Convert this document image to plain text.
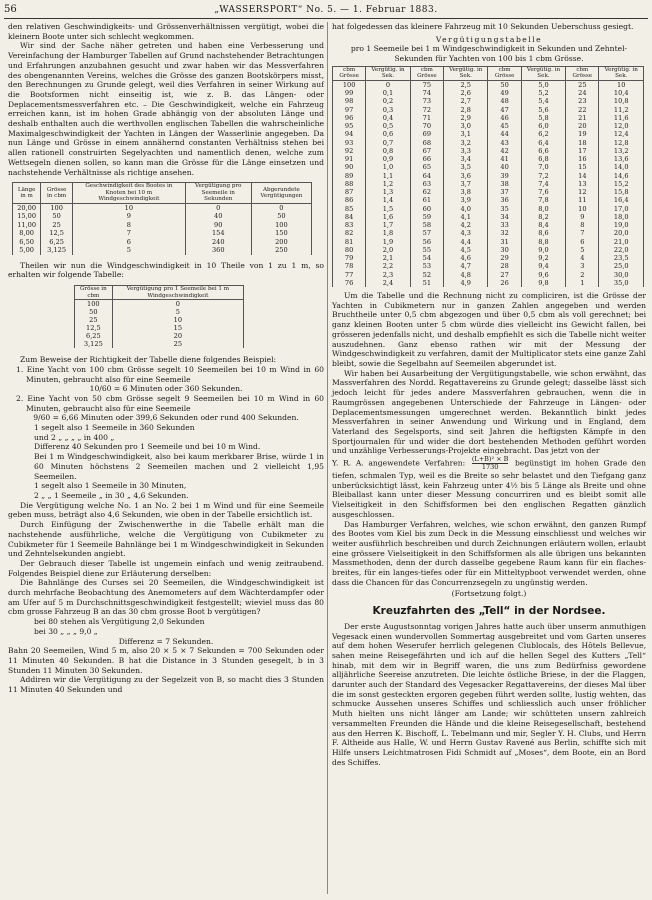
56	„WASSERSPORT“ No. 5. — 1. Februar 1883.

den relativen Geschwindigkeits- und Grössenverhältnissen vergütigt, wobei die kleinern Boote unter sich schlecht wegkommen.

Wir sind der Sache näher getreten und haben eine Verbesserung und Vereinfachung der Hamburger Tabellen auf Grund nachstehender Betrachtungen und Erfahrungen anzubahnen gesucht und zwar haben wir das Messverfahren des obengenannten Vereins, welches die Grösse des ganzen Bootskörpers misst, den Berechnungen zu Grunde gelegt, weil dies Verfahren in seiner Wirkung auf die Bootsformen nicht einseitig ist, wie z. B. das Längen- oder Deplacementsmessverfahren etc. – Die Geschwindigkeit, welche ein Fahrzeug erreichen kann, ist im hohen Grade abhängig von der absoluten Länge und deshalb enthalten auch die werthvollen englischen Tabellen die wahrscheinliche Maximalgeschwindigkeit der Yachten in Längen der Wasserlinie angegeben. Da nun Länge und Grösse in einem annähernd constanten Verhältniss stehen bei allen rationell construirten Segelyachten und namentlich denen, welche zum Wettsegeln dienen sollen, so kann man die Grösse für die Länge einsetzen und nachstehende Verhältnisse als richtige ansehen.

Länge in m	Grösse in cbm	Geschwindigkeit des Bootes in Knoten bei 10 m Windgeschwindigkeit	Vergütigung pro Seemeile in Sekunden	Abgerundete Vergütigungen
20,00	100	10	0	0
15,00	50	9	40	50
11,00	25	8	90	100
8,00	12,5	7	154	150
6,50	6,25	6	240	200
5,00	3,125	5	360	250

Theilen wir nun die Windgeschwindigkeit in 10 Theile von 1 zu 1 m, so erhalten wir folgende Tabelle:

Grösse in cbm	Vergütigung pro 1 Seemeile bei 1 m Windgeschwindigkeit
100	0
50	5
25	10
12,5	15
6,25	20
3,125	25

Zum Beweise der Richtigkeit der Tabelle diene folgendes Beispiel:

1. Eine Yacht von 100 cbm Grösse segelt 10 Seemeilen bei 10 m Wind in 60 Minuten, gebraucht also für eine Seemeile

10/60 = 6 Minuten oder 360 Sekunden.

2. Eine Yacht von 50 cbm Grösse segelt 9 Seemeilen bei 10 m Wind in 60 Minuten, gebraucht also für eine Seemeile

9/60 = 6,66 Minuten oder 399,6 Sekunden oder rund 400 Sekunden.

1 segelt also 1 Seemeile in 360 Sekunden

und 2 „ „ „ „ in 400 „

Differenz 40 Sekunden pro 1 Seemeile und bei 10 m Wind.

Bei 1 m Windgeschwindigkeit, also bei kaum merkbarer Brise, würde 1 in 60 Minuten höchstens 2 Seemeilen machen und 2 vielleicht 1,95 Seemeilen.

1 segelt also 1 Seemeile in 30 Minuten,

2 „ „ 1 Seemeile „ in 30 „ 4,6 Sekunden.

Die Vergütigung welche No. 1 an No. 2 bei 1 m Wind und für eine Seemeile geben muss, beträgt also 4,6 Sekunden, wie oben in der Tabelle ersichtlich ist.

Durch Einfügung der Zwischenwerthe in die Tabelle erhält man die nachstehende ausführliche, welche die Vergütigung von Cubikmeter zu Cubikmeter für 1 Seemeile Bahnlänge bei 1 m Windgeschwindigkeit in Sekunden und Zehntelsekunden angiebt.

Der Gebrauch dieser Tabelle ist ungemein einfach und wenig zeitraubend. Folgendes Beispiel diene zur Erläuterung derselben:

Die Bahnlänge des Curses sei 20 Seemeilen, die Windgeschwindigkeit ist durch mehrfache Beobachtung des Anemometers auf dem Wächterdampfer oder am Ufer auf 5 m Durchschnittsgeschwindigkeit festgestellt; wieviel muss das 80 cbm grosse Fahrzeug B an das 30 cbm grosse Boot b vergütigen?

bei 80 stehen als Vergütigung 2,0 Sekunden

bei 30 „ „ „ 9,0 „

Differenz = 7 Sekunden.

Bahn 20 Seemeilen, Wind 5 m, also 20 × 5 × 7 Sekunden = 700 Sekunden oder 11 Minuten 40 Sekunden. B hat die Distance in 3 Stunden gesegelt, b in 3 Stunden 11 Minuten 30 Sekunden.

Addiren wir die Vergütigung zu der Segelzeit von B, so macht dies 3 Stunden 11 Minuten 40 Sekunden und

hat folgedessen das kleinere Fahrzeug mit 10 Sekunden Ueberschuss gesiegt.

Vergütigungstabelle

pro 1 Seemeile bei 1 m Windgeschwindigkeit in Sekunden und Zehntel-Sekunden für Yachten von 100 bis 1 cbm Grösse.

cbm Grösse	Vergütig. in Sek.	cbm Grösse	Vergütig. in Sek.	cbm Grösse	Vergütig. in Sek.	cbm Grösse	Vergütig. in Sek.
100	0	75	2,5	50	5,0	25	10
99	0,1	74	2,6	49	5,2	24	10,4
98	0,2	73	2,7	48	5,4	23	10,8
97	0,3	72	2,8	47	5,6	22	11,2
96	0,4	71	2,9	46	5,8	21	11,6
95	0,5	70	3,0	45	6,0	20	12,0
94	0,6	69	3,1	44	6,2	19	12,4
93	0,7	68	3,2	43	6,4	18	12,8
92	0,8	67	3,3	42	6,6	17	13,2
91	0,9	66	3,4	41	6,8	16	13,6
90	1,0	65	3,5	40	7,0	15	14,0
89	1,1	64	3,6	39	7,2	14	14,6
88	1,2	63	3,7	38	7,4	13	15,2
87	1,3	62	3,8	37	7,6	12	15,8
86	1,4	61	3,9	36	7,8	11	16,4
85	1,5	60	4,0	35	8,0	10	17,0
84	1,6	59	4,1	34	8,2	9	18,0
83	1,7	58	4,2	33	8,4	8	19,0
82	1,8	57	4,3	32	8,6	7	20,0
81	1,9	56	4,4	31	8,8	6	21,0
80	2,0	55	4,5	30	9,0	5	22,0
79	2,1	54	4,6	29	9,2	4	23,5
78	2,2	53	4,7	28	9,4	3	25,0
77	2,3	52	4,8	27	9,6	2	30,0
76	2,4	51	4,9	26	9,8	1	35,0

Um die Tabelle und die Rechnung nicht zu compliciren, ist die Grösse der Yachten in Cubikmetern nur in ganzen Zahlen angegeben und werden Bruchtheile unter 0,5 cbm abgezogen und über 0,5 cbm als voll gerechnet; bei ganz kleinen Booten unter 5 cbm würde dies vielleicht ins Gewicht fallen, bei grösseren jedenfalls nicht, und deshalb empfiehlt es sich die Tabelle nicht weiter auszudehnen. Ganz ebenso rathen wir mit der Messung der Windgeschwindigkeit zu verfahren, damit der Multiplicator stets eine ganze Zahl bleibt, sowie die Segelbahn auf Seemeilen abgerundet ist.

Wir haben bei Ausarbeitung der Vergütigungstabelle, wie schon erwähnt, das Massverfahren des Nordd. Regattavereins zu Grunde gelegt; dasselbe lässt sich jedoch leicht für jedes andere Massverfahren gebrauchen, wenn die in Raumgrössen angegebenen Unterschiede der Fahrzeuge in Längen- oder Deplacementsmessungen umgerechnet werden. Bekanntlich binkt jedes Messverfahren in seiner Anwendung und Wirkung und in England, dem Vaterland des Segelsports, sind seit Jahren die heftigsten Kämpfe in den Sportjournalen für und wider die dort bestehenden Methoden geführt worden und unzählige Verbesserungs-Projekte eingebracht. Das jetzt von der

Y. R. A. angewendete Verfahren: $\frac{\text{(L+B)² × B}}{1730}$ begünstigt im hohen Grade den tiefen, schmalen Typ, weil es die Breite so sehr belastet und den Tiefgang ganz unberücksichtigt lässt, kein Fahrzeug unter 4½ bis 5 Länge als Breite und ohne Bleiballast kann unter dieser Messung concurriren und es bleibt somit alle Vielseitigkeit in den Schiffsformen bei den englischen Regatten gänzlich ausgeschlossen.

Das Hamburger Verfahren, welches, wie schon erwähnt, den ganzen Rumpf des Bootes vom Kiel bis zum Deck in die Messung einschliesst und welches wir weiter ausführlich beschreiben und durch Zeichnungen erläutern wollen, erlaubt eine grössere Vielseitigkeit in den Schiffsformen als alle übrigen uns bekannten Massmethoden, denn der durch dasselbe gegebene Raum kann für ein flaches-breites, für ein langes-tiefes oder für ein Mitteltypboot verwendet werden, ohne dass die Chancen für das Concurrenzsegeln zu ungünstig werden.

(Fortsetzung folgt.)

Kreuzfahrten des „Tell“ in der Nordsee.

Der erste Augustsonntag vorigen Jahres hatte auch über unserm anmuthigen Vegesack einen wundervollen Sommertag ausgebreitet und vom Garten unseres auf dem hohen Weserufer herrlich gelegenen Clublocals, des Hôtels Bellevue, sahen meine Reisegefährten und ich auf die hellen Segel des Kutters „Tell“ hinab, mit dem wir in Begriff waren, die uns zum Bedürfniss gewordene alljährliche Seereise anzutreten. Die leichte östliche Briese, in der die Flaggen, darunter auch der Standard des Vegesacker Regattavereins, der dieses Mal über die im sonst gesteckten ergoren gegeben führt werden sollte, lustig wehten, das schmucke Aussehen unseres Schiffes und schliesslich auch unser fröhlicher Muth hielten uns nicht länger am Lande; wir schütteten unsern zahlreich versammelten Freunden die Hände und die kleine Reisegesellschaft, bestehend aus den Herren K. Bischoff, L. Tebelmann und mir, Segler Y. H. Clubs, und Herrn F. Altheide aus Halle, W. und Herrn Gustav Ravené aus Berlin, schiffte sich mit Hilfe unsers Leichtmatrosen Fidi Schmidt auf „Moses“, dem Boote, ein an Bord des Schiffes.
